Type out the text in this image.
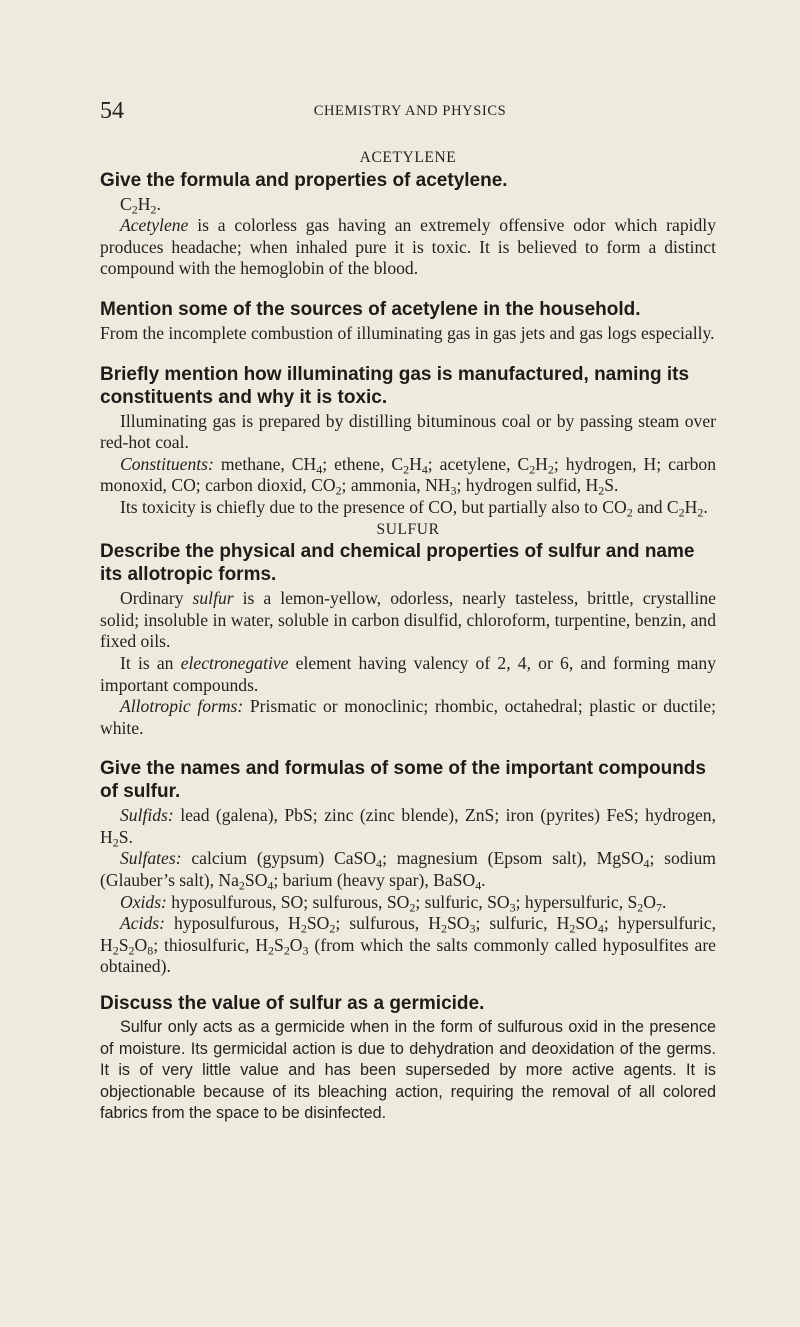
54	CHEMISTRY AND PHYSICS
ACETYLENE
Give the formula and properties of acetylene.
$C_2H_2$.

Acetylene is a colorless gas having an extremely offensive odor which rapidly produces headache; when inhaled pure it is toxic. It is believed to form a distinct compound with the hemoglobin of the blood.

Mention some of the sources of acetylene in the household.

From the incomplete combustion of illuminating gas in gas jets and gas logs especially.

Briefly mention how illuminating gas is manufactured, naming its constituents and why it is toxic.

Illuminating gas is prepared by distilling bituminous coal or by passing steam over red-hot coal.

Constituents: methane, $CH_4$; ethene, $C_2H_4$; acetylene, $C_2H_2$; hydrogen, H; carbon monoxid, CO; carbon dioxid, $CO_2$; ammonia, $NH_3$; hydrogen sulfid, $H_2S$.

Its toxicity is chiefly due to the presence of CO, but partially also to $CO_2$ and $C_2H_2$.

SULFUR
Describe the physical and chemical properties of sulfur and name its allotropic forms.

Ordinary sulfur is a lemon-yellow, odorless, nearly tasteless, brittle, crystalline solid; insoluble in water, soluble in carbon disulfid, chloroform, turpentine, benzin, and fixed oils.

It is an electronegative element having valency of 2, 4, or 6, and forming many important compounds.

Allotropic forms: Prismatic or monoclinic; rhombic, octahedral; plastic or ductile; white.

Give the names and formulas of some of the important compounds of sulfur.

Sulfids: lead (galena), PbS; zinc (zinc blende), ZnS; iron (pyrites) FeS; hydrogen, $H_2S$.

Sulfates: calcium (gypsum) CaSO$_4$; magnesium (Epsom salt), MgSO$_4$; sodium (Glauber’s salt), $Na_2SO_4$; barium (heavy spar), BaSO$_4$.

Oxids: hyposulfurous, SO; sulfurous, $SO_2$; sulfuric, $SO_3$; hypersulfuric, $S_2O_7$.

Acids: hyposulfurous, $H_2SO_2$; sulfurous, $H_2SO_3$; sulfuric, $H_2SO_4$; hypersulfuric, $H_2S_2O_8$; thiosulfuric, $H_2S_2O_3$ (from which the salts commonly called hyposulfites are obtained).

Discuss the value of sulfur as a germicide.

Sulfur only acts as a germicide when in the form of sulfurous oxid in the presence of moisture. Its germicidal action is due to dehydration and deoxidation of the germs. It is of very little value and has been superseded by more active agents. It is objectionable because of its bleaching action, requiring the removal of all colored fabrics from the space to be disinfected.
